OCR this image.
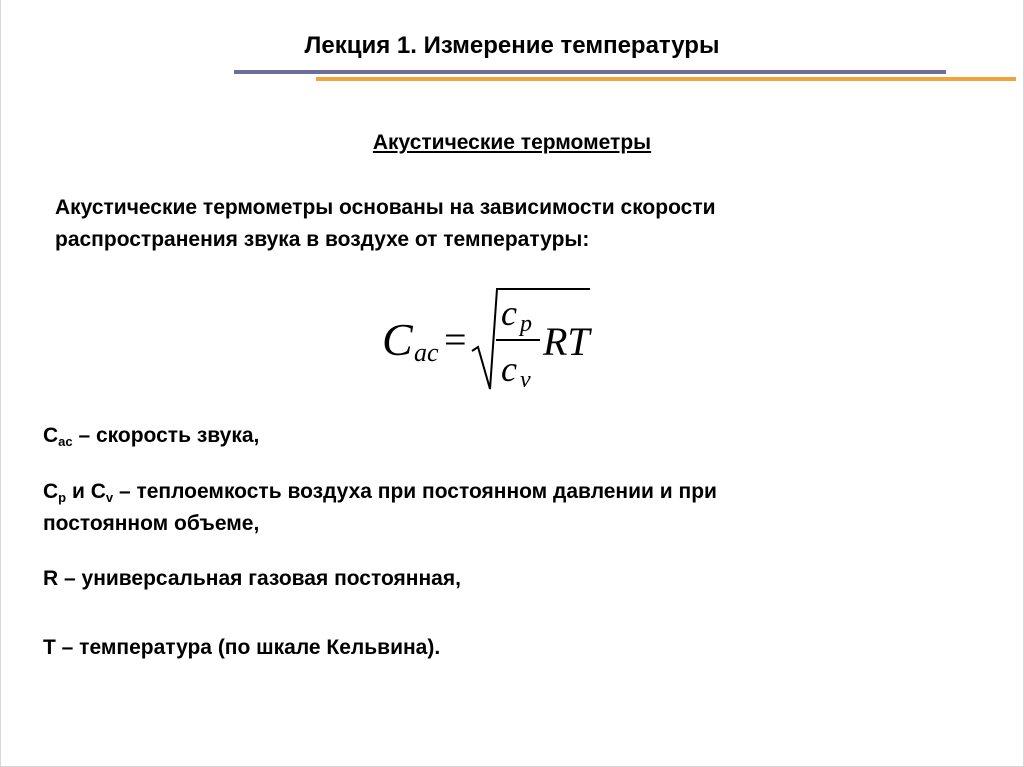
Лекция 1. Измерение температуры
Акустические термометры
Акустические термометры основаны на зависимости скорости
распространения звука в воздухе от температуры:
C ac =
c p
c v
RT
$C_{ac}$ – скорость звука,
$C_p$ и $C_v$ – теплоемкость воздуха при постоянном давлении и при
постоянном объеме,
R – универсальная газовая постоянная,
T – температура (по шкале Кельвина).
